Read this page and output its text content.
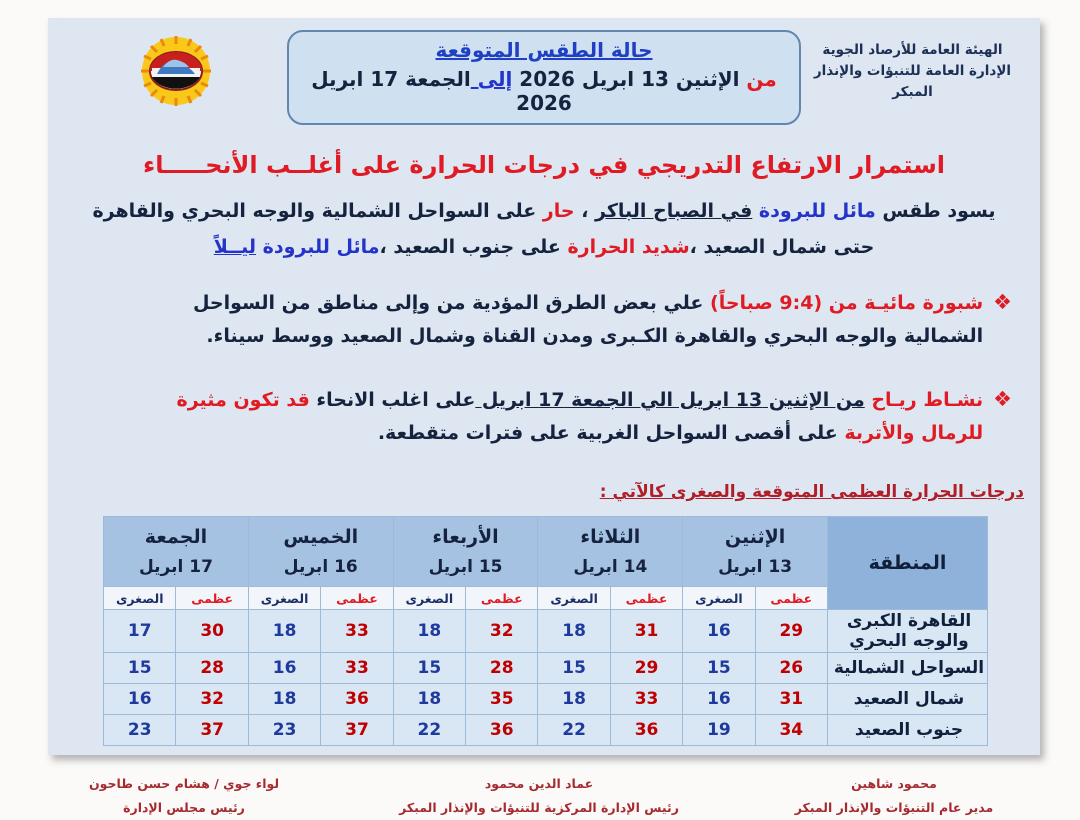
الهيئة العامة للأرصاد الجوية
الإدارة العامة للتنبؤات والإنذار المبكر
حالة الطقس المتوقعة
من الإثنين 13 ابريل 2026 إلى الجمعة 17 ابريل 2026
استمرار الارتفاع التدريجي في درجات الحرارة على أغلــب الأنحـــــاء
يسود طقس مائل للبرودة في الصباح الباكر ، حار على السواحل الشمالية والوجه البحري والقاهرة حتى شمال الصعيد ،شديد الحرارة على جنوب الصعيد ،مائل للبرودة ليــلاً
❖
شبورة مائيـة من (9:4 صباحاً) علي بعض الطرق المؤدية من وإلى مناطق من السواحل الشمالية والوجه البحري والقاهرة الكـبرى ومدن القناة وشمال الصعيد ووسط سيناء.
❖
نشـاط ريـاح من الإثنين 13 ابريل الي الجمعة 17 ابريل على اغلب الانحاء قد تكون مثيرة للرمال والأتربة على أقصى السواحل الغربية على فترات متقطعة.
درجات الحرارة العظمى المتوقعة والصغرى كالآتي :
المنطقة	
الإثنين
13 ابريل

الثلاثاء
14 ابريل

الأربعاء
15 ابريل

الخميس
16 ابريل

الجمعة
17 ابريل

	عظمى	الصغرى	عظمى	الصغرى	عظمى	الصغرى	عظمى	الصغرى	عظمى	الصغرى
القاهرة الكبرى والوجه البحري	29	16	31	18	32	18	33	18	30	17
السواحل الشمالية	26	15	29	15	28	15	33	16	28	15
شمال الصعيد	31	16	33	18	35	18	36	18	32	16
جنوب الصعيد	34	19	36	22	36	22	37	23	37	23
محمود شاهين
مدير عام التنبؤات والإنذار المبكر
عماد الدين محمود
رئيس الإدارة المركزية للتنبؤات والإنذار المبكر
لواء جوي / هشام حسن طاحون
رئيس مجلس الإدارة
